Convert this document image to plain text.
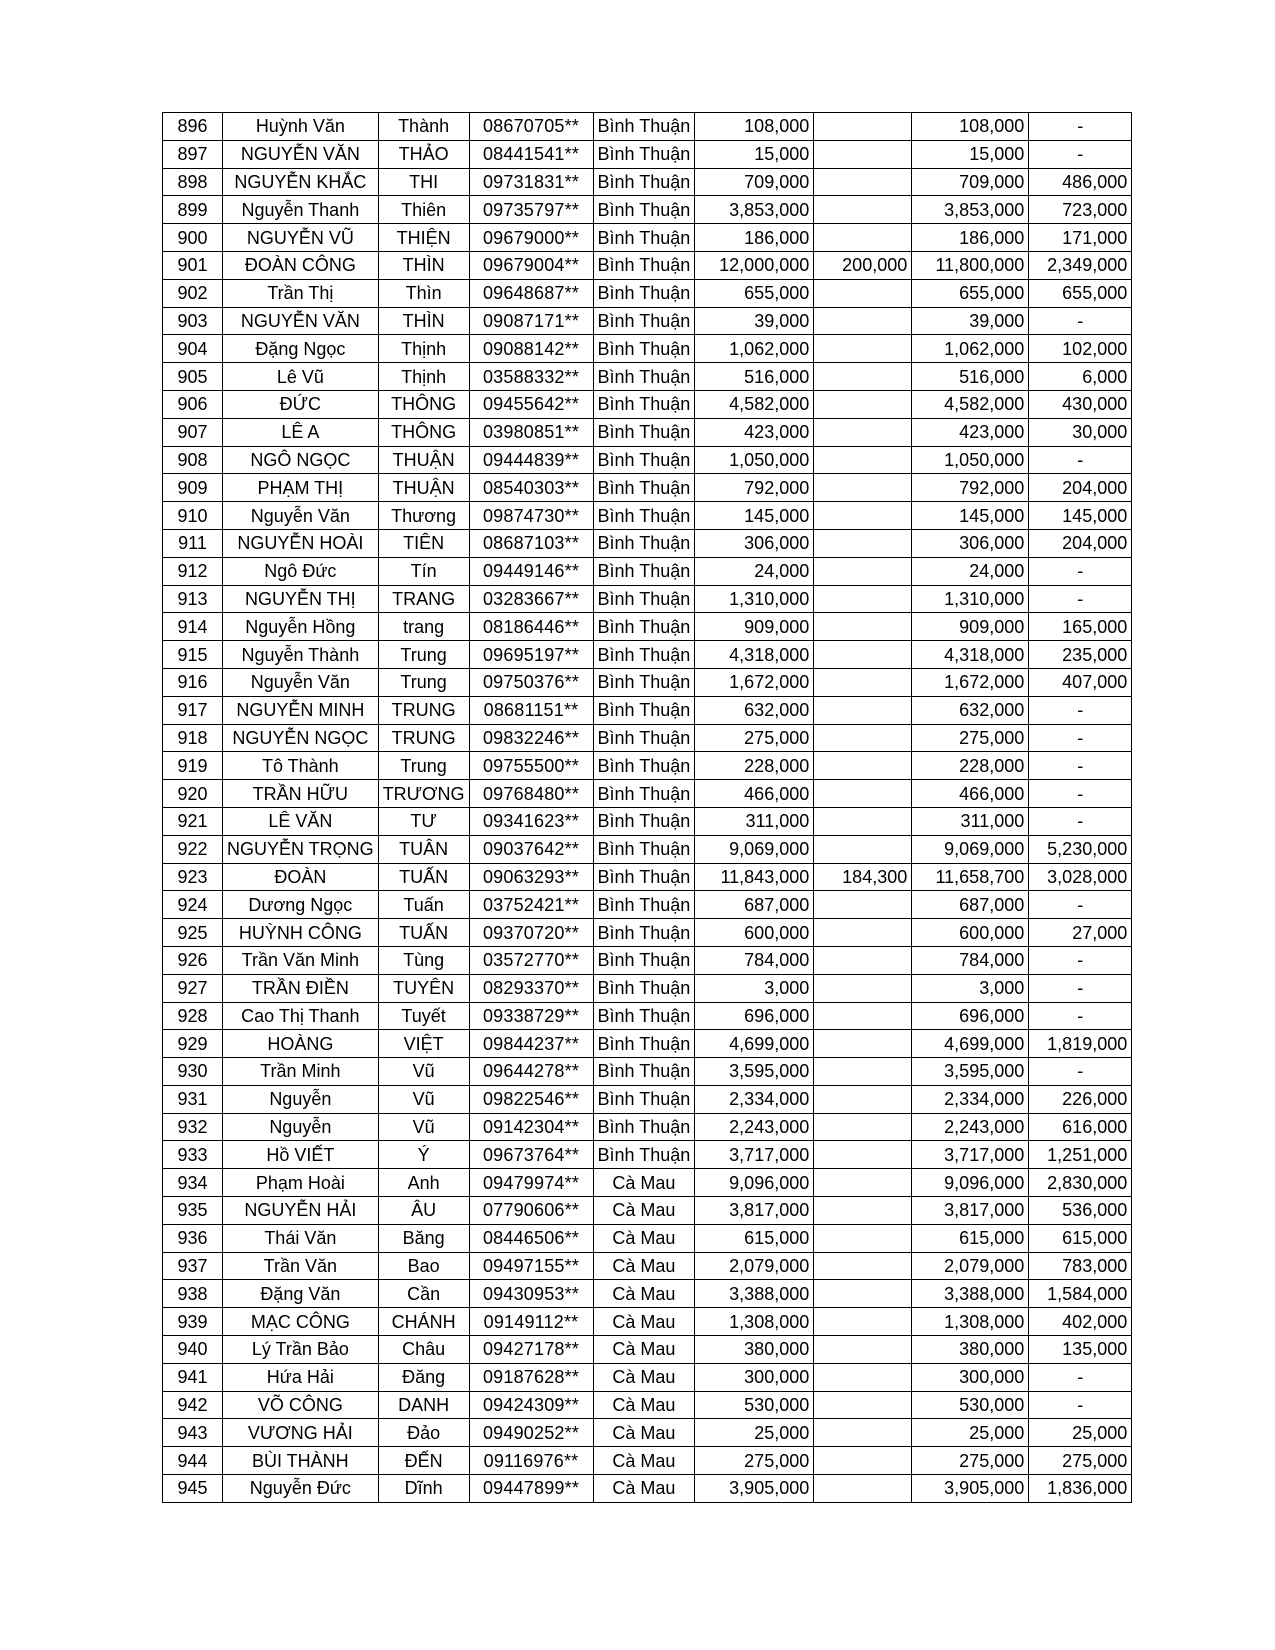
896	Huỳnh Văn	Thành	08670705**	Bình Thuận	108,000		108,000	-
897	NGUYỄN VĂN	THẢO	08441541**	Bình Thuận	15,000		15,000	-
898	NGUYỄN KHẮC	THI	09731831**	Bình Thuận	709,000		709,000	486,000
899	Nguyễn Thanh	Thiên	09735797**	Bình Thuận	3,853,000		3,853,000	723,000
900	NGUYỄN VŨ	THIỆN	09679000**	Bình Thuận	186,000		186,000	171,000
901	ĐOÀN CÔNG	THÌN	09679004**	Bình Thuận	12,000,000	200,000	11,800,000	2,349,000
902	Trần Thị	Thìn	09648687**	Bình Thuận	655,000		655,000	655,000
903	NGUYỄN VĂN	THÌN	09087171**	Bình Thuận	39,000		39,000	-
904	Đặng Ngọc	Thịnh	09088142**	Bình Thuận	1,062,000		1,062,000	102,000
905	Lê Vũ	Thịnh	03588332**	Bình Thuận	516,000		516,000	6,000
906	ĐỨC	THÔNG	09455642**	Bình Thuận	4,582,000		4,582,000	430,000
907	LÊ A	THÔNG	03980851**	Bình Thuận	423,000		423,000	30,000
908	NGÔ NGỌC	THUẬN	09444839**	Bình Thuận	1,050,000		1,050,000	-
909	PHẠM THỊ	THUẬN	08540303**	Bình Thuận	792,000		792,000	204,000
910	Nguyễn Văn	Thương	09874730**	Bình Thuận	145,000		145,000	145,000
911	NGUYỄN HOÀI	TIÊN	08687103**	Bình Thuận	306,000		306,000	204,000
912	Ngô Đức	Tín	09449146**	Bình Thuận	24,000		24,000	-
913	NGUYỄN THỊ	TRANG	03283667**	Bình Thuận	1,310,000		1,310,000	-
914	Nguyễn Hồng	trang	08186446**	Bình Thuận	909,000		909,000	165,000
915	Nguyễn Thành	Trung	09695197**	Bình Thuận	4,318,000		4,318,000	235,000
916	Nguyễn Văn	Trung	09750376**	Bình Thuận	1,672,000		1,672,000	407,000
917	NGUYỄN MINH	TRUNG	08681151**	Bình Thuận	632,000		632,000	-
918	NGUYỄN NGỌC	TRUNG	09832246**	Bình Thuận	275,000		275,000	-
919	Tô Thành	Trung	09755500**	Bình Thuận	228,000		228,000	-
920	TRẦN HỮU	TRƯƠNG	09768480**	Bình Thuận	466,000		466,000	-
921	LÊ VĂN	TƯ	09341623**	Bình Thuận	311,000		311,000	-
922	NGUYỄN TRỌNG	TUÂN	09037642**	Bình Thuận	9,069,000		9,069,000	5,230,000
923	ĐOÀN	TUẤN	09063293**	Bình Thuận	11,843,000	184,300	11,658,700	3,028,000
924	Dương Ngọc	Tuấn	03752421**	Bình Thuận	687,000		687,000	-
925	HUỲNH CÔNG	TUẤN	09370720**	Bình Thuận	600,000		600,000	27,000
926	Trần Văn Minh	Tùng	03572770**	Bình Thuận	784,000		784,000	-
927	TRẦN ĐIỀN	TUYÊN	08293370**	Bình Thuận	3,000		3,000	-
928	Cao Thị Thanh	Tuyết	09338729**	Bình Thuận	696,000		696,000	-
929	HOÀNG	VIỆT	09844237**	Bình Thuận	4,699,000		4,699,000	1,819,000
930	Trần Minh	Vũ	09644278**	Bình Thuận	3,595,000		3,595,000	-
931	Nguyễn	Vũ	09822546**	Bình Thuận	2,334,000		2,334,000	226,000
932	Nguyễn	Vũ	09142304**	Bình Thuận	2,243,000		2,243,000	616,000
933	Hồ VIẾT	Ý	09673764**	Bình Thuận	3,717,000		3,717,000	1,251,000
934	Phạm Hoài	Anh	09479974**	Cà Mau	9,096,000		9,096,000	2,830,000
935	NGUYỄN HẢI	ÂU	07790606**	Cà Mau	3,817,000		3,817,000	536,000
936	Thái Văn	Băng	08446506**	Cà Mau	615,000		615,000	615,000
937	Trần Văn	Bao	09497155**	Cà Mau	2,079,000		2,079,000	783,000
938	Đặng Văn	Cần	09430953**	Cà Mau	3,388,000		3,388,000	1,584,000
939	MẠC CÔNG	CHÁNH	09149112**	Cà Mau	1,308,000		1,308,000	402,000
940	Lý Trần Bảo	Châu	09427178**	Cà Mau	380,000		380,000	135,000
941	Hứa Hải	Đăng	09187628**	Cà Mau	300,000		300,000	-
942	VÕ CÔNG	DANH	09424309**	Cà Mau	530,000		530,000	-
943	VƯƠNG HẢI	Đảo	09490252**	Cà Mau	25,000		25,000	25,000
944	BÙI THÀNH	ĐẾN	09116976**	Cà Mau	275,000		275,000	275,000
945	Nguyễn Đức	Dĩnh	09447899**	Cà Mau	3,905,000		3,905,000	1,836,000
